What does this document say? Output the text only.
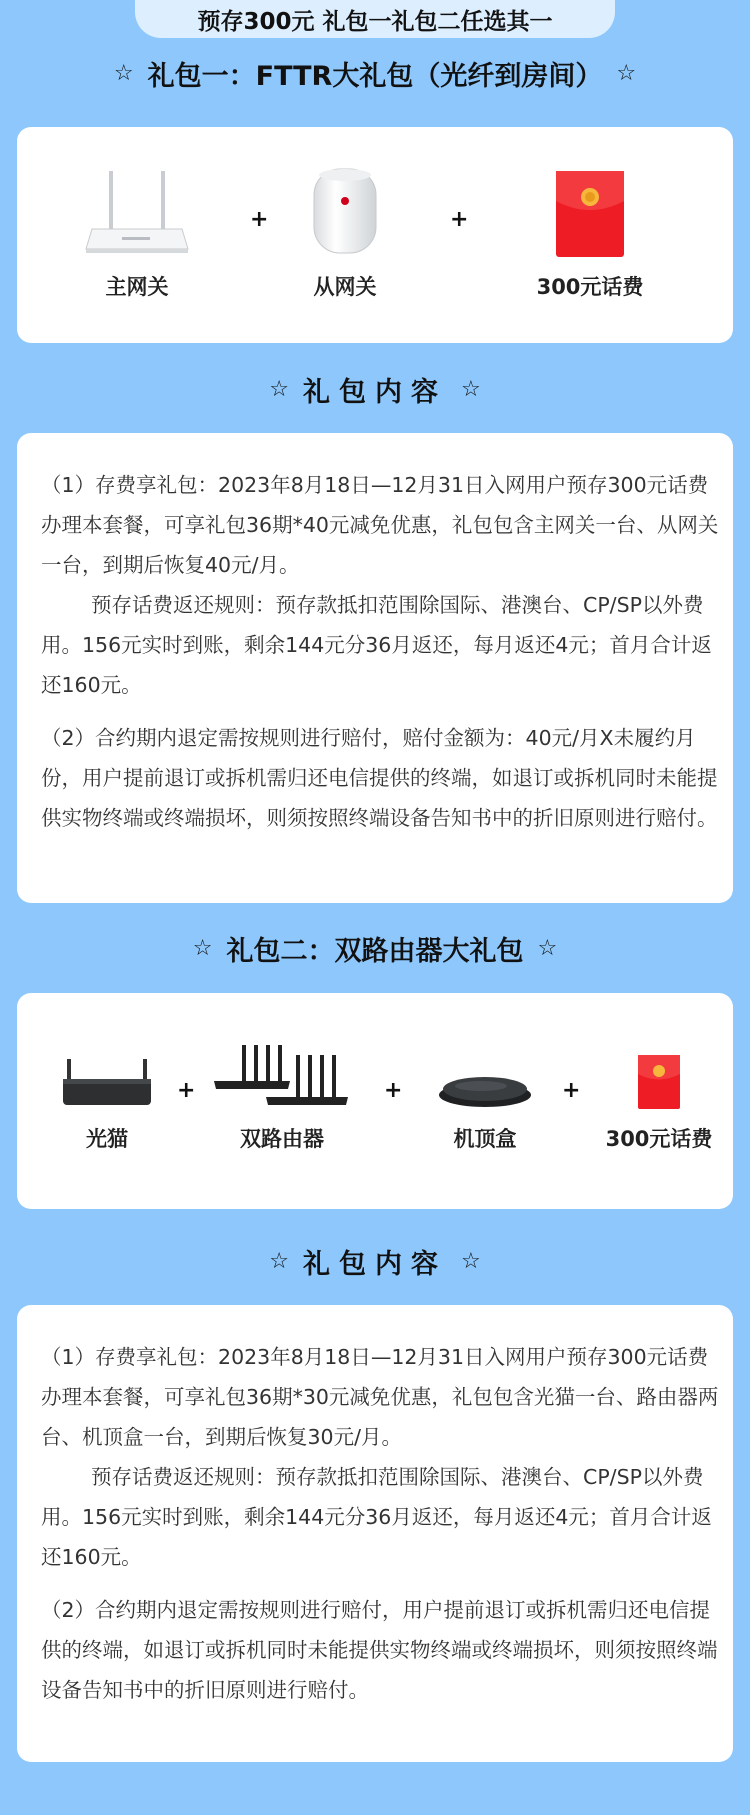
预存300元 礼包一礼包二任选其一
☆ 礼包一：FTTR大礼包（光纤到房间） ☆
主网关
+
从网关
+
300元话费
☆ 礼包内容 ☆

（1）存费享礼包：2023年8月18日—12月31日入网用户预存300元话费办理本套餐，可享礼包36期*40元减免优惠，礼包包含主网关一台、从网关一台，到期后恢复40元/月。

预存话费返还规则：预存款抵扣范围除国际、港澳台、CP/SP以外费用。156元实时到账，剩余144元分36月返还，每月返还4元；首月合计返还160元。

（2）合约期内退定需按规则进行赔付，赔付金额为：40元/月X未履约月份，用户提前退订或拆机需归还电信提供的终端，如退订或拆机同时未能提供实物终端或终端损坏，则须按照终端设备告知书中的折旧原则进行赔付。

☆ 礼包二：双路由器大礼包 ☆
光猫
+
双路由器
+
机顶盒
+
300元话费
☆ 礼包内容 ☆

（1）存费享礼包：2023年8月18日—12月31日入网用户预存300元话费办理本套餐，可享礼包36期*30元减免优惠，礼包包含光猫一台、路由器两台、机顶盒一台，到期后恢复30元/月。

预存话费返还规则：预存款抵扣范围除国际、港澳台、CP/SP以外费用。156元实时到账，剩余144元分36月返还，每月返还4元；首月合计返还160元。

（2）合约期内退定需按规则进行赔付，用户提前退订或拆机需归还电信提供的终端，如退订或拆机同时未能提供实物终端或终端损坏，则须按照终端设备告知书中的折旧原则进行赔付。
